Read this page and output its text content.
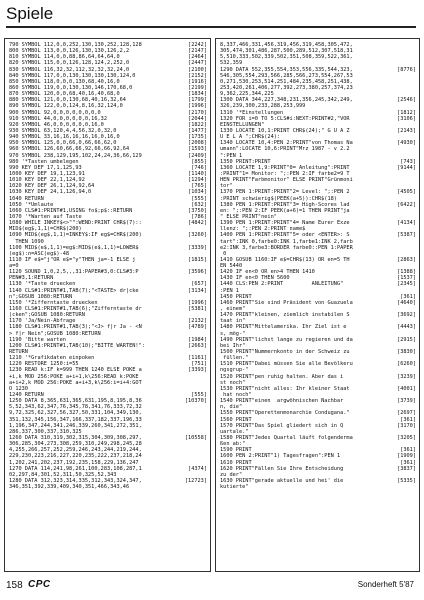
Spiele
790 SYMBOL 112,0,0,252,130,130,252,128,128	[2242]
800 SYMBOL 113,0,0,126,130,130,126,2,2	[2147]
810 SYMBOL 114,0,0,88,86,64,64,64,0	[2464]
820 SYMBOL 115,0,0,126,128,124,2,252,0	[2447]
830 SYMBOL 116,32,32,112,32,32,32,24,0	[2100]
840 SYMBOL 117,0,0,130,130,130,130,124,0	[2152]
850 SYMBOL 118,0,0,0,130,68,40,16,0	[1916]
860 SYMBOL 119,0,0,130,130,146,170,68,0	[2199]
870 SYMBOL 120,0,0,68,40,16,40,68,0	[1834]
880 SYMBOL 121,0,0,130,68,40,16,32,64	[1799]
890 SYMBOL 122,0,0,124,8,16,32,124,0	[1996]
900 SYMBOL 92,0,0,0,0,0,0,0,0	[2170]
910 SYMBOL 44,0,0,0,0,0,0,16,32	[2044]
920 SYMBOL 46,0,0,0,0,0,0,16,0	[1822]
930 SYMBOL 63,120,4,4,56,32,0,32,0	[1477]
940 SYMBOL 33,16,16,16,16,16,0,16,0	[1735]
950 SYMBOL 125,0,0,66,0,66,66,62,0	[2008]
960 SYMBOL 126,60,66,66,92,66,66,92,64	[1593]
970 SYMBOL 238,129,195,102,24,24,36,66,129	[2409]
980 '*Tasten umbelegen	[855]
990 KEY DEF 17,1,125,93	[746]
1000 KEY DEF 19,1,123,91	[1140]
1010 KEY DEF 22,1,124,92	[1294]
1020 KEY DEF 26,1,124,92,64	[765]
1030 KEY DEF 24,1,126,94,0	[1034]
1040 RETURN	[555]
1050 '*Umlaute	[632]
1060 CLS#1:PRINT#1,USING fo$;p$::RETURN	[3750]
1070 '*Warten auf Taste	[786]
1080 WHILE INKEY$<>"":WEND:PRINT CHR$(7)::	[4842]
MID$(eg$,1,1)=CHR$(200)
1090 MID$(eg$,1,1)=INKEY$:IF eg$=CHR$(200)	[3260]
THEN 1090
1100 MID$(e$,1,1)=eg$:MID$(e$,1,1)=LOWER$	[3339]
(eg$):n=ASC(eg$)-48
1110 IF e$="j"OR e$="y"THEN ja=-1 ELSE j	[1815]
a=0
1120 SOUND 1,0,2,5,,,31:PAPER#3,0:CLS#3:P	[3596]
PEN#3,1:RETURN
1130 '*Taste druecken	[657]
1140 CLS#1:PRINT#1,TAB(7);"<TASTE> dr|cke	[3134]
n";GOSUB 1080:RETURN
1150 '*Zifferntaste druecken	[1996]
1160 CLS#1:PRINT#1,TAB(6);"Zifferntaste dr	[5381]
|cken";GOSUB 1080:RETURN
1170 'Ja/Nein-Abfrage	[2132]
1180 CLS#1:PRINT#1,TAB(3);"<J> f|r Ja - <N	[4789]
> f|r Nein";GOSUB 1080:RETURN
1190 'Bitte warten	[1984]
1200 CLS#1:PRINT#1,TAB(10);"BITTE WARTEN!":	[2663]
RETURN
1210 '*Grafikdaten einpoken	[1161]
1220 RESTORE 1250:i=55	[751]
1230 READ k:IF k=999 THEN 1240 ELSE POKE a	[3393]
+i,k MOD 256:POKE a+i+1,k\256:READ k:POKE
a+i+2,k MOD 256:POKE a+i+3,k\256:i=i+4:GOT
O 1230
1240 RETURN	[555]
1250 DATA 8,365,631,365,631,195,8,195,8,36	[10370]
5,52,343,62,347,76,345,78,341,76,333,72,32
9,72,325,62,327,56,327,50,331,104,349,130,
351,132,345,156,347,166,337,182,337,196,33
1,196,347,244,341,246,339,260,341,272,351,
286,337,300,337,310,325
1260 DATA 310,319,302,315,304,309,308,297,	[10558]
306,285,304,273,308,259,310,249,298,245,28
4,255,266,257,252,259,246,243,244,219,244,
229,230,223,216,227,220,235,222,237,218,24
1,202,241,202,237,192,235,158,229,136,247
1270 DATA 114,241,98,261,100,283,108,287,1	[4374]
02,297,84,301,52,311,50,325,52,343
1280 DATA 312,323,314,335,312,343,324,347,	[12723]
346,351,392,339,409,340,351,466,343,46
8,337,466,331,456,319,456,319,458,305,472,
305,474,301,486,287,500,289,512,307,518,31
5,510,333,502,339,502,351,508,359,522,361,
532,359
1290 DATA 552,355,554,353,556,335,544,323,	[8776]
546,305,554,293,566,285,566,273,554,267,53
0,271,530,253,514,251,484,235,458,251,438,
253,420,261,406,277,392,273,380,257,374,23
9,362,225,344,225
1300 DATA 344,227,348,231,356,245,342,249,	[2546]
326,239,300,233,288,253,999
1310 '*Einstellungen	[1812]
1320 FOR i=0 TO 5:CLS#i:NEXT:PRINT#2,"VOR	[3106]
EINSTELLUNGEN"
1330 LOCATE 10,1:PRINT CHR$(24);" G U A Z	[2143]
U E L A ";CHR$(24):
1340 LOCATE 10,4:PEN 2:PRINT"von Thomas Na	[4930]
umann":LOCATE 10,6:PRINT"Mrz 1987 - v 2.2
":PEN 1
1350 PRINT:PRINT	[743]
1360 LOCATE 1,9:PRINT"0= Anleitung":PRINT	[9144]
:PRINT"1= Monitor: ";:PEN 2:IF farbe2=9 T
HEN PRINT"Farbmonitor" ELSE PRINT"Grünmoni
tor"
1370 PEN 1:PRINT:PRINT"2= Level: ";:PEN 2	[4505]
:PRINT schwierig$(PEEK(a+5)):CHR$(18)
1380 PEN 1:PRINT:PRINT"3= High-Scores lad	[6422]
en: ";:PEN 2:IF PEEK(a+6)=1 THEN PRINT"ja
" ELSE PRINT"nein"
1390 PEN 1:PRINT:PRINT"4= Name Eurer Exze	[4134]
llenz: ";:PEN 2:PRINT name$
1400 PEN 1:PRINT:PRINT"5= oder <ENTER>: S	[5387]
tart":INK 0,farbe0:INK 1,farbe1:INK 2,farb
e2:INK 3,farbe3:BORDER farbe0::PEN 1:PAPER
0
1410 GOSUB 1160:IF e$=CHR$(13) OR en=5 TH	[2863]
EN 5440
1420 IF en<0 OR en>4 THEN 1410	[1388]
1430 IF en<0 THEN 5600	[1537]
1440 CLS:PEN 2:PRINT         ANLEITUNG"	[2345]
:PEN 1
1450 PRINT	[361]
1460 PRINT"Sie sind Präsident von Guazuela	[4640]
, einem"
1470 PRINT"kleinen, ziemlich instabilen S	[3692]
taat in"
1480 PRINT"Mittelamerika. Ihr Ziel ist e	[4443]
s, mög-"
1490 PRINT"lichst lange zu regieren und da	[2915]
bei Ihr"
1500 PRINT"Nummernkonto in der Schweiz zu	[3830]
füllen."
1510 PRINT"Dabei müssen Sie alle Bevölkeru	[6260]
ngsgrup-"
1520 PRINT"pen ruhig halten. Aber das i	[3239]
st noch"
1530 PRINT"nicht alles: Ihr kleiner Staat	[4001]
hat noch"
1540 PRINT"einen  argwöhnischen Nachbar	[3739]
n, die"
1550 PRINT"Operettenmonarchie Condugana."	[2697]
1560 PRINT	[361]
1570 PRINT"Das Spiel gliedert sich in Q	[3170]
uartale."
1580 PRINT"Jedes Quartal läuft folgenderma	[3205]
ßen ab:"
1590 PRINT	[361]
1600 PEN 2:PRINT"1) Tagesfragen":PEN 1	[1909]
1610 PRINT	[361]
1620 PRINT"Fällen Sie Ihre Entscheidung	[3837]
zu der"
1630 PRINT"gerade aktuelle und hei' die	[5335]
kutierte"
158 CPC	Sonderheft 5'87
